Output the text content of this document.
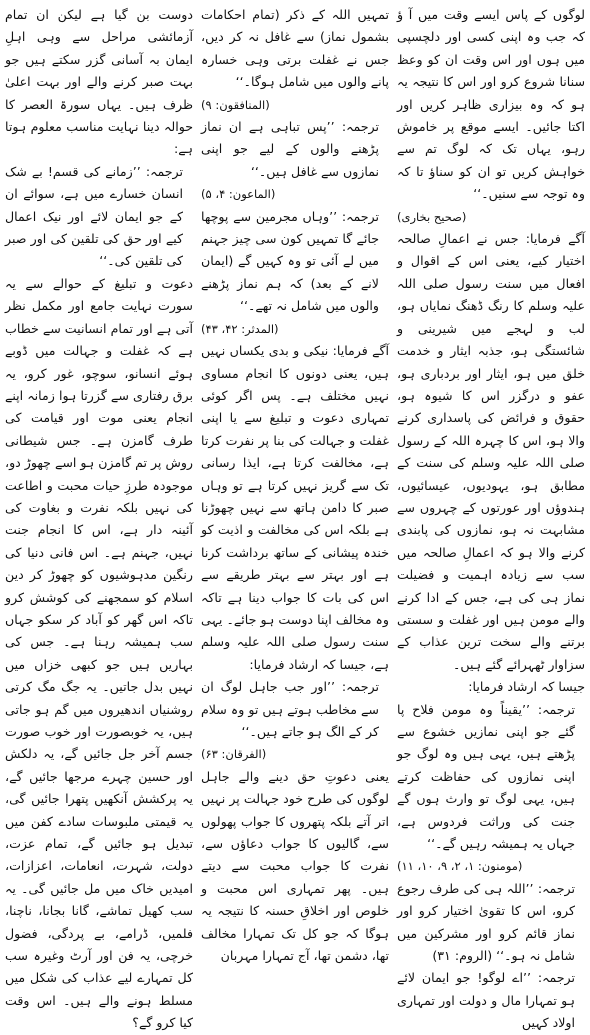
لوگوں کے پاس ایسے وقت میں آ ؤ کہ جب وہ اپنی کسی اور دلچسپی میں ہوں اور اس وقت ان کو وعظ سنانا شروع کرو اور اس کا نتیجہ یہ ہو کہ وہ بیزاری ظاہر کریں اور اکتا جائیں۔ ایسے موقع پر خاموش رہو، یہاں تک کہ لوگ تم سے خواہش کریں تو ان کو سناؤ تا کہ وہ توجہ سے سنیں۔‘‘

(صحیح بخاری)

آگے فرمایا: جس نے اعمالِ صالحہ اختیار کیے، یعنی اس کے اقوال و افعال میں سنت رسول صلی اللہ علیہ وسلم کا رنگ ڈھنگ نمایاں ہو، لب و لہجے میں شیرینی و شائستگی ہو، جذبہ ایثار و خدمت خلق میں ہو، ایثار اور بردباری ہو، عفو و درگزر اس کا شیوہ ہو، حقوق و فرائض کی پاسداری کرنے والا ہو، اس کا چہرہ اللہ کے رسول صلی اللہ علیہ وسلم کی سنت کے مطابق ہو، یہودیوں، عیسائیوں، ہندوؤں اور عورتوں کے چہروں سے مشابہت نہ ہو، نمازوں کی پابندی کرنے والا ہو کہ اعمالِ صالحہ میں سب سے زیادہ اہمیت و فضیلت نماز ہی کی ہے، جس کے ادا کرنے والے مومن ہیں اور غفلت و سستی برتنے والے سخت ترین عذاب کے سزاوار ٹھہرائے گئے ہیں۔

جیسا کہ ارشاد فرمایا:

ترجمہ: ’’یقیناً وہ مومن فلاح پا گئے جو اپنی نمازیں خشوع سے پڑھتے ہیں، یہی ہیں وہ لوگ جو اپنی نمازوں کی حفاظت کرتے ہیں، یہی لوگ تو وارث ہوں گے جنت کی وراثت فردوس ہے، جہاں یہ ہمیشہ رہیں گے۔‘‘

(مومنون: ۱، ۲، ۹، ۱۰، ۱۱)

ترجمہ: ’’اللہ ہی کی طرف رجوع کرو، اس کا تقویٰ اختیار کرو اور نماز قائم کرو اور مشرکین میں شامل نہ ہو۔‘‘ (الروم: ۳۱)

ترجمہ: ’’اے لوگو! جو ایمان لائے ہو تمہارا مال و دولت اور تمہاری اولاد کہیں

تمہیں اللہ کے ذکر (تمام احکامات بشمول نماز) سے غافل نہ کر دیں، جس نے غفلت برتی وہی خسارہ پانے والوں میں شامل ہوگا۔‘‘

(المنافقون: ۹)

ترجمہ: ’’پس تباہی ہے ان نماز پڑھنے والوں کے لیے جو اپنی نمازوں سے غافل ہیں۔‘‘

(الماعون: ۴، ۵)

ترجمہ: ’’وہاں مجرمین سے پوچھا جائے گا تمہیں کون سی چیز جہنم میں لے آئی تو وہ کہیں گے (ایمان لانے کے بعد) کہ ہم نماز پڑھنے والوں میں شامل نہ تھے۔‘‘

(المدثر: ۴۲، ۴۳)

آگے فرمایا: نیکی و بدی یکساں نہیں ہیں، یعنی دونوں کا انجام مساوی نہیں مختلف ہے۔ پس اگر کوئی تمہاری دعوت و تبلیغ سے یا اپنی غفلت و جہالت کی بنا پر نفرت کرتا ہے، مخالفت کرتا ہے، ایذا رسانی تک سے گریز نہیں کرتا ہے تو وہاں صبر کا دامن ہاتھ سے نہیں چھوڑنا ہے بلکہ اس کی مخالفت و اذیت کو خندہ پیشانی کے ساتھ برداشت کرنا ہے اور بہتر سے بہتر طریقے سے اس کی بات کا جواب دینا ہے تاکہ وہ مخالف اپنا دوست ہو جائے۔ یہی سنت رسول صلی اللہ علیہ وسلم ہے، جیسا کہ ارشاد فرمایا:

ترجمہ: ’’اور جب جاہل لوگ ان سے مخاطب ہوتے ہیں تو وہ سلام کر کے الگ ہو جاتے ہیں۔‘‘

(الفرقان: ۶۳)

یعنی دعوتِ حق دینے والے جاہل لوگوں کی طرح خود جہالت پر نہیں اتر آتے بلکہ پتھروں کا جواب پھولوں سے، گالیوں کا جواب دعاؤں سے، نفرت کا جواب محبت سے دیتے ہیں۔ پھر تمہاری اس محبت و خلوص اور اخلاقِ حسنہ کا نتیجہ یہ ہوگا کہ جو کل تک تمہارا مخالف تھا، دشمن تھا، آج تمہارا مہربان

دوست بن گیا ہے لیکن ان تمام آزمائشی مراحل سے وہی اہلِ ایمان بہ آسانی گزر سکتے ہیں جو بہت صبر کرنے والے اور بہت اعلیٰ ظرف ہیں۔ یہاں سورۃ العصر کا حوالہ دینا نہایت مناسب معلوم ہوتا ہے:

ترجمہ: ’’زمانے کی قسم! بے شک انسان خسارے میں ہے، سوائے ان کے جو ایمان لائے اور نیک اعمال کیے اور حق کی تلقین کی اور صبر کی تلقین کی۔‘‘

دعوت و تبلیغ کے حوالے سے یہ سورت نہایت جامع اور مکمل نظر آتی ہے اور تمام انسانیت سے خطاب ہے کہ غفلت و جہالت میں ڈوبے ہوئے انسانو، سوچو، غور کرو، یہ برق رفتاری سے گزرتا ہوا زمانہ اپنے انجام یعنی موت اور قیامت کی طرف گامزن ہے۔ جس شیطانی روش پر تم گامزن ہو اسے چھوڑ دو، موجودہ طرزِ حیات محبت و اطاعت کی نہیں بلکہ نفرت و بغاوت کی آئینہ دار ہے، اس کا انجام جنت نہیں، جہنم ہے۔ اس فانی دنیا کی رنگین مدہوشیوں کو چھوڑ کر دین اسلام کو سمجھنے کی کوشش کرو تاکہ اس گھر کو آباد کر سکو جہاں سب ہمیشہ رہنا ہے۔ جس کی بہاریں ہیں جو کبھی خزاں میں نہیں بدل جاتیں۔ یہ جگ مگ کرتی روشنیاں اندھیروں میں گم ہو جاتی ہیں، یہ خوبصورت اور خوب صورت جسم آخر جل جائیں گے، یہ دلکش اور حسین چہرے مرجھا جائیں گے، یہ پرکشش آنکھیں پتھرا جائیں گی، یہ قیمتی ملبوسات سادے کفن میں تبدیل ہو جائیں گے، تمام عزت، دولت، شہرت، انعامات، اعزازات، امیدیں خاک میں مل جائیں گی۔ یہ سب کھیل تماشے، گانا بجانا، ناچنا، فلمیں، ڈرامے، بے پردگی، فضول خرچی، یہ فن اور آرٹ وغیرہ سب کل تمہارے لیے عذاب کی شکل میں مسلط ہونے والے ہیں۔ اس وقت کیا کرو گے؟
